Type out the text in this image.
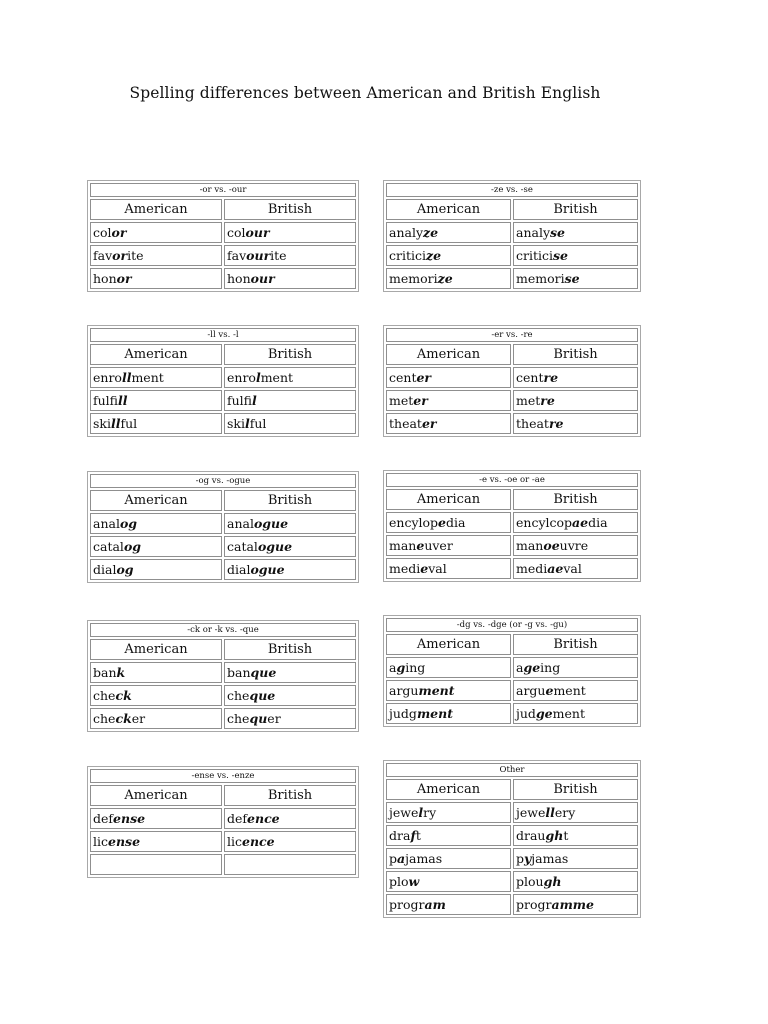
Spelling differences between American and British English
-or vs. -our	
American	British
color	colour
favorite	favourite
honor	honour
-ze vs. -se	
American	British
analyze	analyse
criticize	criticise
memorize	memorise
-ll vs. -l	
American	British
enrollment	enrolment
fulfill	fulfil
skillful	skilful
-er vs. -re	
American	British
center	centre
meter	metre
theater	theatre
-og vs. -ogue	
American	British
analog	analogue
catalog	catalogue
dialog	dialogue
-e vs. -oe or -ae	
American	British
encylopedia	encylcopaedia
maneuver	manoeuvre
medieval	mediaeval
-ck or -k vs. -que	
American	British
bank	banque
check	cheque
checker	chequer
-dg vs. -dge (or -g vs. -gu)	
American	British
aging	ageing
argument	arguement
judgment	judgement
-ense vs. -enze	
American	British
defense	defence
license	licence

Other	
American	British
jewelry	jewellery
draft	draught
pajamas	pyjamas
plow	plough
program	programme
